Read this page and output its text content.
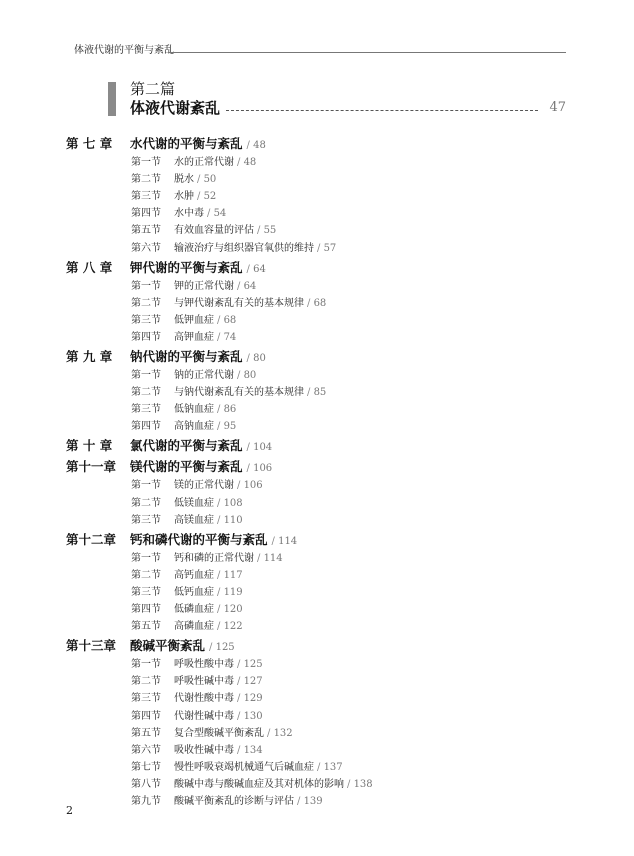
体液代谢的平衡与紊乱
第二篇
体液代谢紊乱	47
第 七 章 水代谢的平衡与紊乱 / 48
第一节 水的正常代谢 / 48
第二节 脱水 / 50
第三节 水肿 / 52
第四节 水中毒 / 54
第五节 有效血容量的评估 / 55
第六节 输液治疗与组织器官氧供的维持 / 57
第 八 章 钾代谢的平衡与紊乱 / 64
第一节 钾的正常代谢 / 64
第二节 与钾代谢紊乱有关的基本规律 / 68
第三节 低钾血症 / 68
第四节 高钾血症 / 74
第 九 章 钠代谢的平衡与紊乱 / 80
第一节 钠的正常代谢 / 80
第二节 与钠代谢紊乱有关的基本规律 / 85
第三节 低钠血症 / 86
第四节 高钠血症 / 95
第 十 章 氯代谢的平衡与紊乱 / 104
第十一章 镁代谢的平衡与紊乱 / 106
第一节 镁的正常代谢 / 106
第二节 低镁血症 / 108
第三节 高镁血症 / 110
第十二章 钙和磷代谢的平衡与紊乱 / 114
第一节 钙和磷的正常代谢 / 114
第二节 高钙血症 / 117
第三节 低钙血症 / 119
第四节 低磷血症 / 120
第五节 高磷血症 / 122
第十三章 酸碱平衡紊乱 / 125
第一节 呼吸性酸中毒 / 125
第二节 呼吸性碱中毒 / 127
第三节 代谢性酸中毒 / 129
第四节 代谢性碱中毒 / 130
第五节 复合型酸碱平衡紊乱 / 132
第六节 吸收性碱中毒 / 134
第七节 慢性呼吸衰竭机械通气后碱血症 / 137
第八节 酸碱中毒与酸碱血症及其对机体的影响 / 138
第九节 酸碱平衡紊乱的诊断与评估 / 139
2
